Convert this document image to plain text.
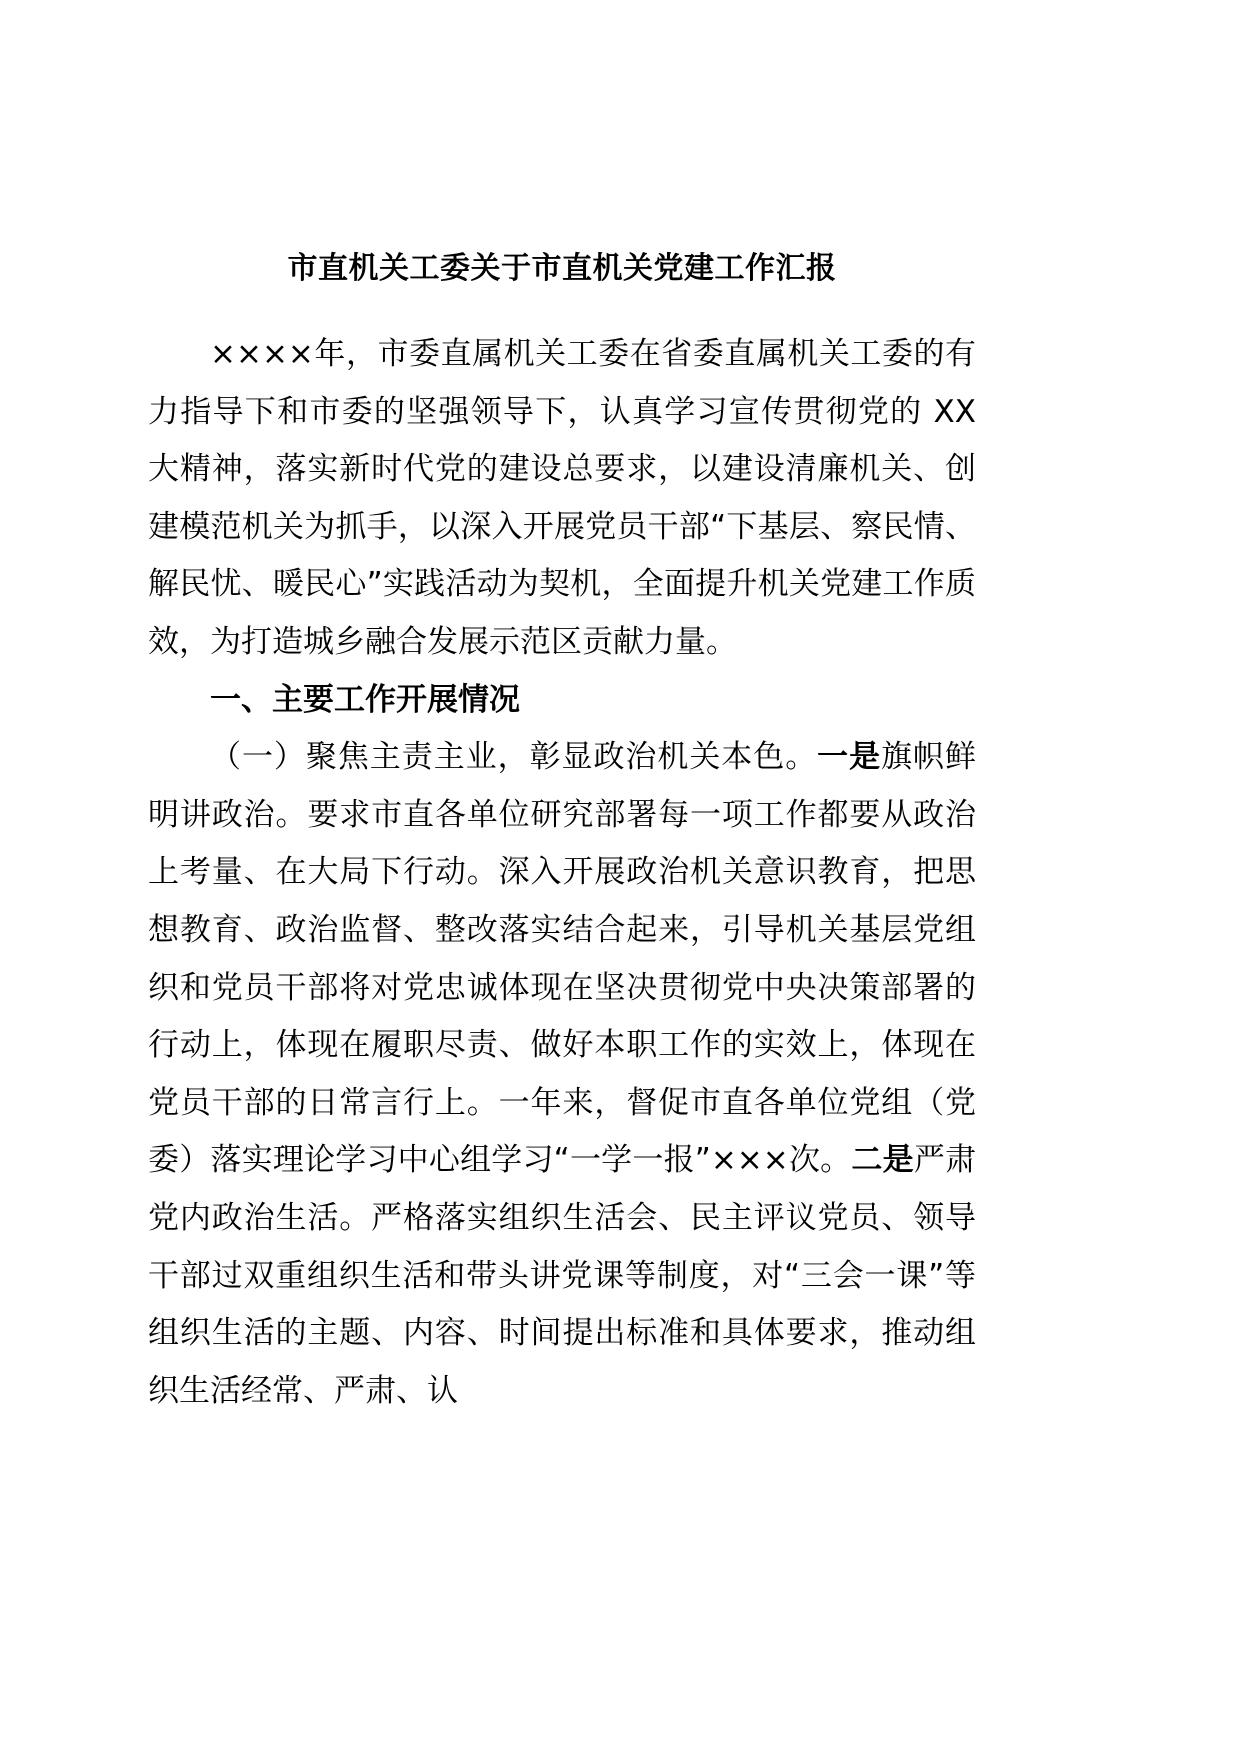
市直机关工委关于市直机关党建工作汇报

××××年，市委直属机关工委在省委直属机关工委的有力指导下和市委的坚强领导下，认真学习宣传贯彻党的 XX 大精神，落实新时代党的建设总要求，以建设清廉机关、创建模范机关为抓手，以深入开展党员干部“下基层、察民情、解民忧、暖民心”实践活动为契机，全面提升机关党建工作质效，为打造城乡融合发展示范区贡献力量。

一、主要工作开展情况

（一）聚焦主责主业，彰显政治机关本色。一是旗帜鲜明讲政治。要求市直各单位研究部署每一项工作都要从政治上考量、在大局下行动。深入开展政治机关意识教育，把思想教育、政治监督、整改落实结合起来，引导机关基层党组织和党员干部将对党忠诚体现在坚决贯彻党中央决策部署的行动上，体现在履职尽责、做好本职工作的实效上，体现在党员干部的日常言行上。一年来，督促市直各单位党组（党委）落实理论学习中心组学习“一学一报”×××次。二是严肃党内政治生活。严格落实组织生活会、民主评议党员、领导干部过双重组织生活和带头讲党课等制度，对“三会一课”等组织生活的主题、内容、时间提出标准和具体要求，推动组织生活经常、严肃、认
